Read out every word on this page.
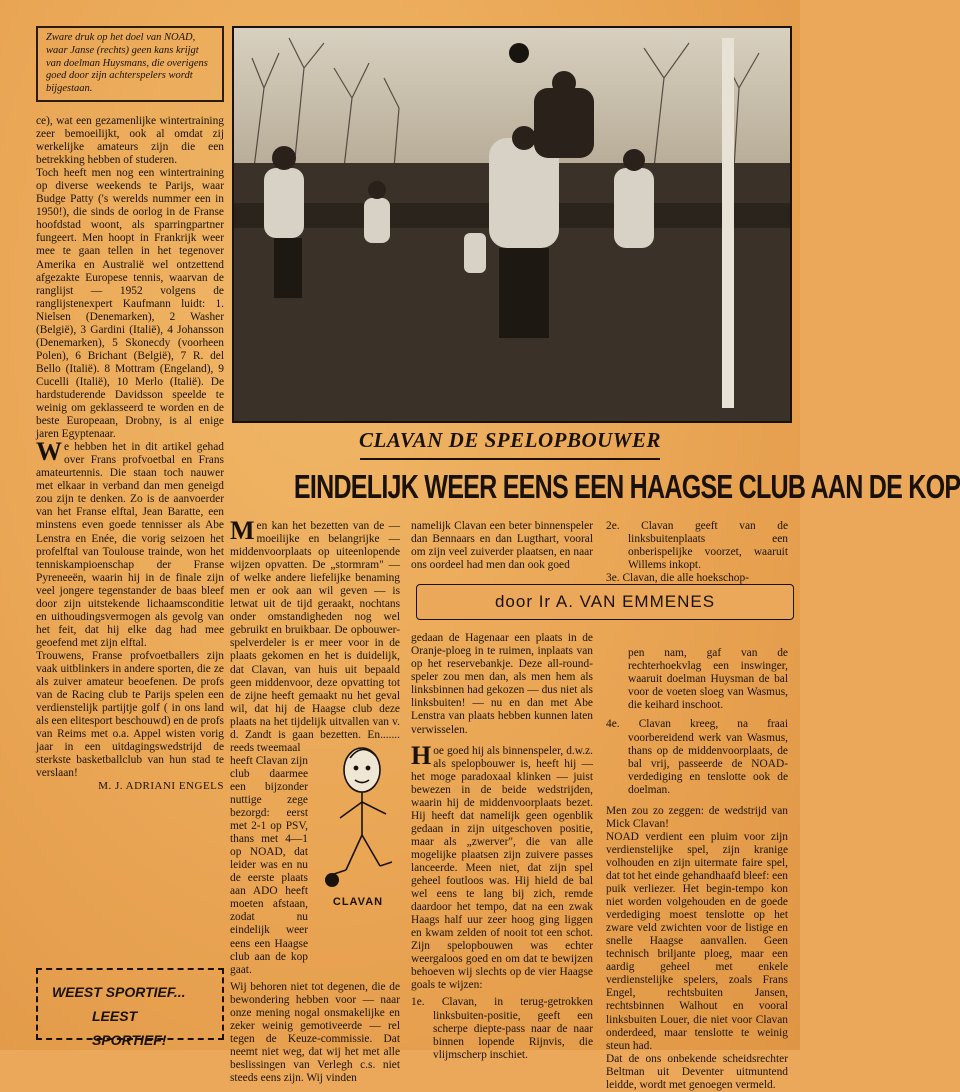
Zware druk op het doel van NOAD, waar Janse (rechts) geen kans krijgt van doelman Huysmans, die overigens goed door zijn achterspelers wordt bijgestaan.

ce), wat een gezamenlijke wintertraining zeer bemoeilijkt, ook al omdat zij werkelijke amateurs zijn die een betrekking hebben of studeren.

Toch heeft men nog een wintertraining op diverse weekends te Parijs, waar Budge Patty ('s werelds nummer een in 1950!), die sinds de oorlog in de Franse hoofdstad woont, als sparringpartner fungeert. Men hoopt in Frankrijk weer mee te gaan tellen in het tegenover Amerika en Australië wel ontzettend afgezakte Europese tennis, waarvan de ranglijst — 1952 volgens de ranglijstenexpert Kaufmann luidt: 1. Nielsen (Denemarken), 2 Washer (België), 3 Gardini (Italië), 4 Johansson (Denemarken), 5 Skonecdy (voorheen Polen), 6 Brichant (België), 7 R. del Bello (Italië). 8 Mottram (Engeland), 9 Cucelli (Italië), 10 Merlo (Italië). De hardstuderende Davidsson speelde te weinig om geklasseerd te worden en de beste Europeaan, Drobny, is al enige jaren Egyptenaar.

We hebben het in dit artikel gehad over Frans profvoetbal en Frans amateurtennis. Die staan toch nauwer met elkaar in verband dan men geneigd zou zijn te denken. Zo is de aanvoerder van het Franse elftal, Jean Baratte, een minstens even goede tennisser als Abe Lenstra en Enée, die vorig seizoen het profelftal van Toulouse traindе, won het tenniskampioenschap der Franse Pyreneeën, waarin hij in de finale zijn veel jongere tegenstander de baas bleef door zijn uitstekende lichaamsconditie en uithoudingsvermogen als gevolg van het feit, dat hij elke dag had mee geoefend met zijn elftal.

Trouwens, Franse profvoetballers zijn vaak uitblinkers in andere sporten, die ze als zuiver amateur beoefenen. De profs van de Racing club te Parijs spelen een verdienstelijk partijtje golf ( in ons land als een elitesport beschouwd) en de profs van Reims met o.a. Appel wisten vorig jaar in een uitdagingswedstrijd de sterkste basketballclub van hun stad te verslaan!

M. J. ADRIANI ENGELS
WEEST SPORTIEF...
LEEST SPORTIEF!
CLAVAN DE SPELOPBOUWER
EINDELIJK WEER EENS EEN HAAGSE CLUB AAN DE KOP

Men kan het bezetten van de — moeilijke en belangrijke — middenvoorplaats op uiteenlopende wijzen opvatten. De „stormram" — of welke andere liefelijke benaming men er ook aan wil geven — is letwat uit de tijd geraakt, nochtans onder omstandigheden nog wel gebruikt en bruikbaar. De opbouwer-spelverdeler is er meer voor in de plaats gekomen en het is duidelijk, dat Clavan, van huis uit bepaald geen middenvoor, deze opvatting tot de zijne heeft gemaakt nu het geval wil, dat hij de Haagse club deze plaats na het tijdelijk uitvallen van v. d. Zandt is gaan bezetten. En....... reeds tweemaal

heeft Clavan zijn club daarmee een bijzonder nuttige zege bezorgd: eerst met 2-1 op PSV, thans met 4—1 op NOAD, dat leider was en nu de eerste plaats aan ADO heeft moeten afstaan, zodat nu eindelijk weer eens een Haagse club aan de kop gaat.

Wij behoren niet tot degenen, die de bewondering hebben voor — naar onze mening nogal onsmakelijke en zeker weinig gemotiveerde — rel tegen de Keuze-commissie. Dat neemt niet weg, dat wij het met alle beslissingen van Verlegh c.s. niet steeds eens zijn. Wij vinden

CLAVAN

namelijk Clavan een beter binnenspeler dan Bennaars en dan Lugthart, vooral om zijn veel zuiverder plaatsen, en naar ons oordeel had men dan ook goed

gedaan de Hagenaar een plaats in de Oranje-ploeg in te ruimen, inplaats van op het reservebankje. Deze all-round-speler zou men dan, als men hem als linksbinnen had gekozen — dus niet als linksbuiten! — nu en dan met Abe Lenstra van plaats hebben kunnen laten verwisselen.

Hoe goed hij als binnenspeler, d.w.z. als spelopbouwer is, heeft hij — het moge paradoxaal klinken — juist bewezen in de beide wedstrijden, waarin hij de middenvoorplaats bezet. Hij heeft dat namelijk geen ogenblik gedaan in zijn uitgeschoven positie, maar als „zwerver", die van alle mogelijke plaatsen zijn zuivere passes lanceerde. Meen niet, dat zijn spel geheel foutloos was. Hij hield de bal wel eens te lang bij zich, remde daardoor het tempo, dat na een zwak Haags half uur zeer hoog ging liggen en kwam zelden of nooit tot een schot. Zijn spelopbouwen was echter weergaloos goed en om dat te bewijzen behoeven wij slechts op de vier Haagse goals te wijzen:

1e. Clavan, in terug-getrokken linksbuiten-positie, geeft een scherpe diepte-pass naar de naar binnen lopende Rijnvis, die vlijmscherp inschiet.
2e. Clavan geeft van de linksbuitenplaats een onberispelijke voorzet, waaruit Willems inkopt.
3e. Clavan, die alle hoekschop-
pen nam, gaf van de rechterhoekvlag een inswinger, waaruit doelman Huysman de bal voor de voeten sloeg van Wasmus, die keihard inschoot.
4e. Clavan kreeg, na fraai voorbereidend werk van Wasmus, thans op de middenvoorplaats, de bal vrij, passeerde de NOAD-verdediging en tenslotte ook de doelman.

Men zou zo zeggen: de wedstrijd van Mick Clavan!

NOAD verdient een pluim voor zijn verdienstelijke spel, zijn kranige volhouden en zijn uitermate faire spel, dat tot het einde gehandhaafd bleef: een puik verliezer. Het begin-tempo kon niet worden volgehouden en de goede verdediging moest tenslotte op het zware veld zwichten voor de listige en snelle Haagse aanvallen. Geen technisch briljante ploeg, maar een aardig geheel met enkele verdienstelijke spelers, zoals Frans Engel, rechtsbuiten Jansen, rechtsbinnen Walhout en vooral linksbuiten Louer, die niet voor Clavan onderdeed, maar tenslotte te weinig steun had.

Dat de ons onbekende scheidsrechter Beltman uit Deventer uitmuntend leidde, wordt met genoegen vermeld.

door Ir A. VAN EMMENES
